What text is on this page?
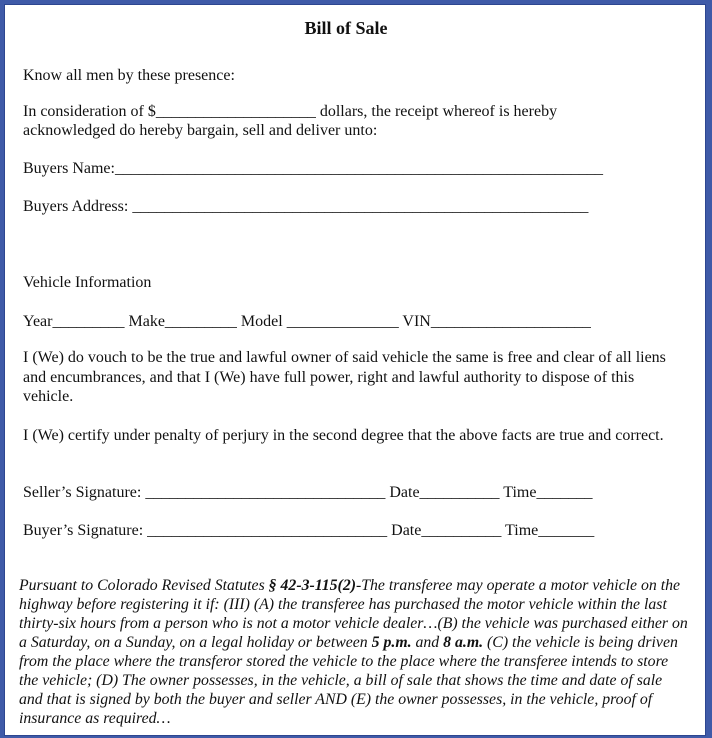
Bill of Sale
Know all men by these presence:
In consideration of $____________________ dollars, the receipt whereof is hereby
acknowledged do hereby bargain, sell and deliver unto:
Buyers Name:_____________________________________________________________
Buyers Address: _________________________________________________________
Vehicle Information
Year_________ Make_________ Model ______________ VIN____________________
I (We) do vouch to be the true and lawful owner of said vehicle the same is free and clear of all liens and encumbrances, and that I (We) have full power, right and lawful authority to dispose of this vehicle.
I (We) certify under penalty of perjury in the second degree that the above facts are true and correct.
Seller’s Signature: ______________________________ Date__________ Time_______
Buyer’s Signature: ______________________________ Date__________ Time_______
Pursuant to Colorado Revised Statutes § 42-3-115(2)-The transferee may operate a motor vehicle on the highway before registering it if: (III) (A) the transferee has purchased the motor vehicle within the last thirty-six hours from a person who is not a motor vehicle dealer…(B) the vehicle was purchased either on a Saturday, on a Sunday, on a legal holiday or between 5 p.m. and 8 a.m. (C) the vehicle is being driven from the place where the transferor stored the vehicle to the place where the transferee intends to store the vehicle; (D) The owner possesses, in the vehicle, a bill of sale that shows the time and date of sale and that is signed by both the buyer and seller AND (E) the owner possesses, in the vehicle, proof of insurance as required…
